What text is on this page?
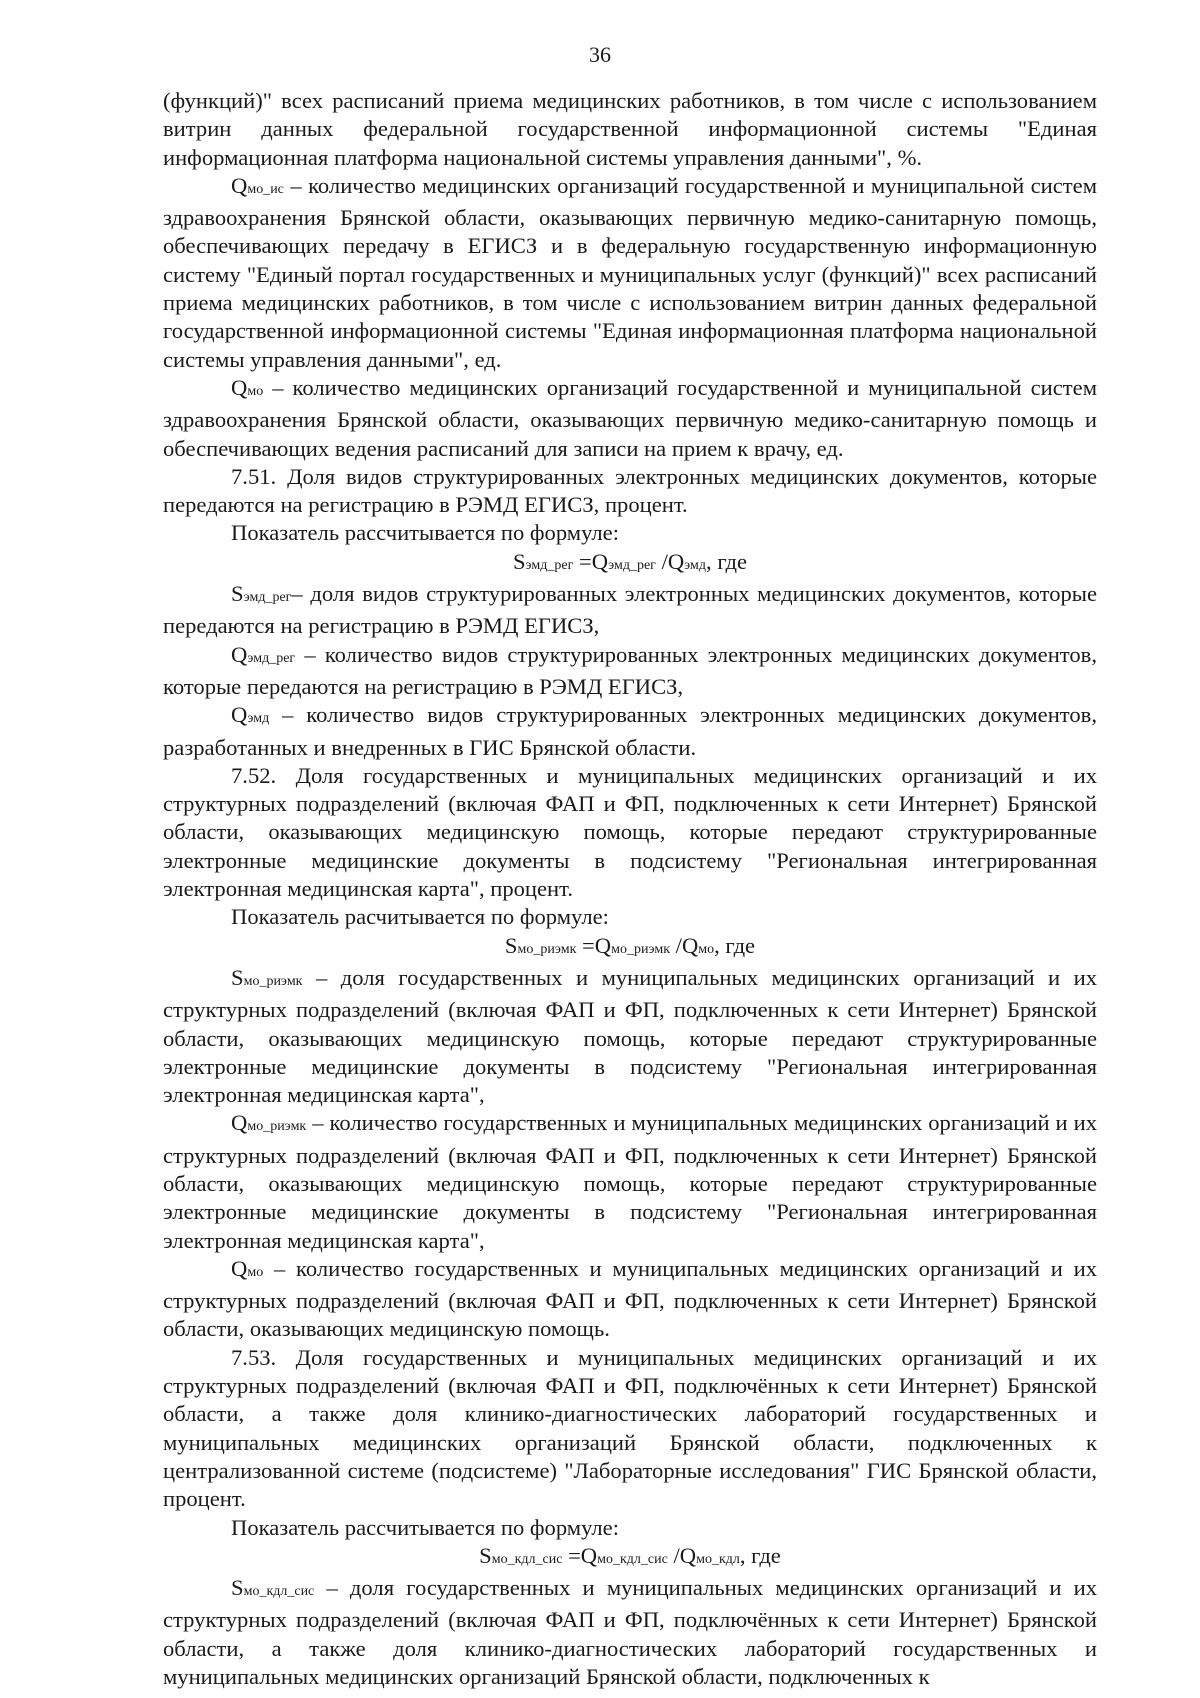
36

(функций)" всех расписаний приема медицинских работников, в том числе с использованием витрин данных федеральной государственной информационной системы "Единая информационная платформа национальной системы управления данными", %.

Qмо_ис – количество медицинских организаций государственной и муниципальной систем здравоохранения Брянской области, оказывающих первичную медико-санитарную помощь, обеспечивающих передачу в ЕГИСЗ и в федеральную государственную информационную систему "Единый портал государственных и муниципальных услуг (функций)" всех расписаний приема медицинских работников, в том числе с использованием витрин данных федеральной государственной информационной системы "Единая информационная платформа национальной системы управления данными", ед.

Qмо – количество медицинских организаций государственной и муниципальной систем здравоохранения Брянской области, оказывающих первичную медико-санитарную помощь и обеспечивающих ведения расписаний для записи на прием к врачу, ед.

7.51. Доля видов структурированных электронных медицинских документов, которые передаются на регистрацию в РЭМД ЕГИСЗ, процент.

Показатель рассчитывается по формуле:

Sэмд_рег =Qэмд_рег /Qэмд, где

Sэмд_рег– доля видов структурированных электронных медицинских документов, которые передаются на регистрацию в РЭМД ЕГИСЗ,

Qэмд_рег – количество видов структурированных электронных медицинских документов, которые передаются на регистрацию в РЭМД ЕГИСЗ,

Qэмд – количество видов структурированных электронных медицинских документов, разработанных и внедренных в ГИС Брянской области.

7.52. Доля государственных и муниципальных медицинских организаций и их структурных подразделений (включая ФАП и ФП, подключенных к сети Интернет) Брянской области, оказывающих медицинскую помощь, которые передают структурированные электронные медицинские документы в подсистему "Региональная интегрированная электронная медицинская карта", процент.

Показатель расчитывается по формуле:

Sмо_риэмк =Qмо_риэмк /Qмо, где

Sмо_риэмк – доля государственных и муниципальных медицинских организаций и их структурных подразделений (включая ФАП и ФП, подключенных к сети Интернет) Брянской области, оказывающих медицинскую помощь, которые передают структурированные электронные медицинские документы в подсистему "Региональная интегрированная электронная медицинская карта",

Qмо_риэмк – количество государственных и муниципальных медицинских организаций и их структурных подразделений (включая ФАП и ФП, подключенных к сети Интернет) Брянской области, оказывающих медицинскую помощь, которые передают структурированные электронные медицинские документы в подсистему "Региональная интегрированная электронная медицинская карта",

Qмо – количество государственных и муниципальных медицинских организаций и их структурных подразделений (включая ФАП и ФП, подключенных к сети Интернет) Брянской области, оказывающих медицинскую помощь.

7.53. Доля государственных и муниципальных медицинских организаций и их структурных подразделений (включая ФАП и ФП, подключённых к сети Интернет) Брянской области, а также доля клинико-диагностических лабораторий государственных и муниципальных медицинских организаций Брянской области, подключенных к централизованной системе (подсистеме) "Лабораторные исследования" ГИС Брянской области, процент.

Показатель рассчитывается по формуле:

Sмо_кдл_сис =Qмо_кдл_сис /Qмо_кдл, где

Sмо_кдл_сис – доля государственных и муниципальных медицинских организаций и их структурных подразделений (включая ФАП и ФП, подключённых к сети Интернет) Брянской области, а также доля клинико-диагностических лабораторий государственных и муниципальных медицинских организаций Брянской области, подключенных к
